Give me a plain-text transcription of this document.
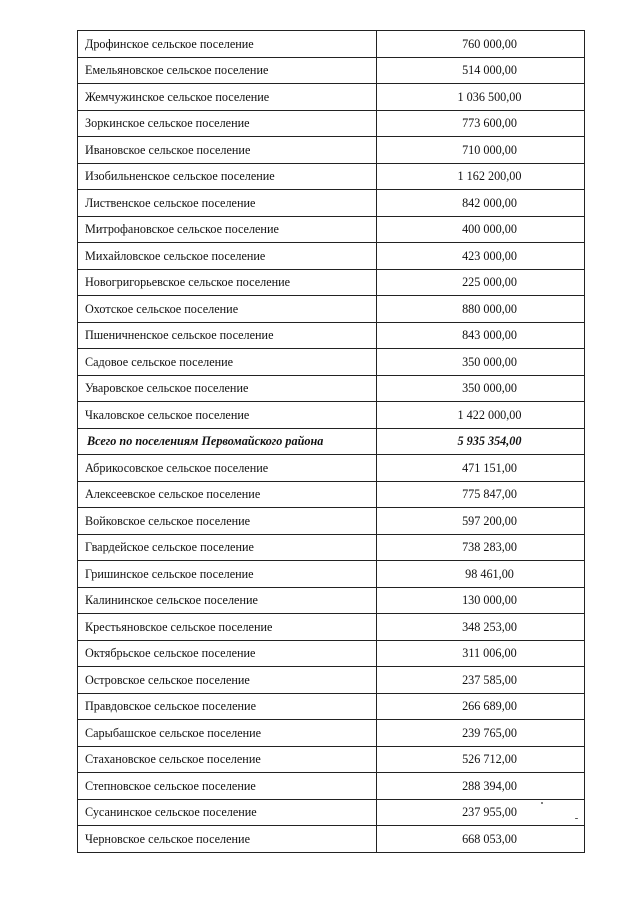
Дрофинское сельское поселение	760 000,00
Емельяновское сельское поселение	514 000,00
Жемчужинское сельское поселение	1 036 500,00
Зоркинское сельское поселение	773 600,00
Ивановское сельское поселение	710 000,00
Изобильненское сельское поселение	1 162 200,00
Лиственское сельское поселение	842 000,00
Митрофановское сельское поселение	400 000,00
Михайловское сельское поселение	423 000,00
Новогригорьевское сельское поселение	225 000,00
Охотское сельское поселение	880 000,00
Пшеничненское сельское поселение	843 000,00
Садовое сельское поселение	350 000,00
Уваровское сельское поселение	350 000,00
Чкаловское сельское поселение	1 422 000,00
Всего по поселениям Первомайского района	5 935 354,00
Абрикосовское сельское поселение	471 151,00
Алексеевское сельское поселение	775 847,00
Войковское сельское поселение	597 200,00
Гвардейское сельское поселение	738 283,00
Гришинское сельское поселение	98 461,00
Калининское сельское поселение	130 000,00
Крестьяновское сельское поселение	348 253,00
Октябрьское сельское поселение	311 006,00
Островское сельское поселение	237 585,00
Правдовское сельское поселение	266 689,00
Сарыбашское сельское поселение	239 765,00
Стахановское сельское поселение	526 712,00
Степновское сельское поселение	288 394,00
Сусанинское сельское поселение	237 955,00
Черновское сельское поселение	668 053,00
